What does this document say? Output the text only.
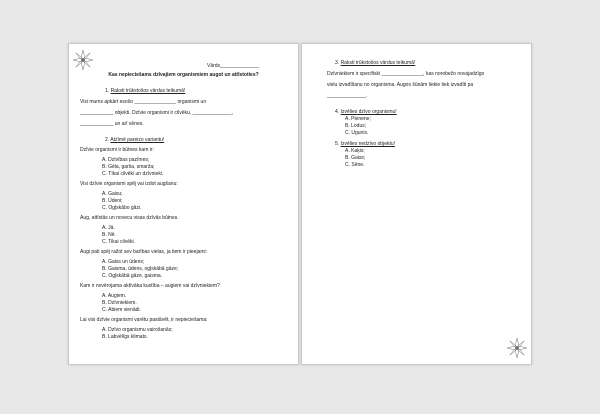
Vārds______________
Kas nepieciešams dzīvajiem organismiem augot un attīstoties?
1. Raksti trūkstošos vārdus teikumā!
Visi mums apkārt esošo _______________ organismi un
____________ objekti. Dzīvie organismi ir cilvēku, ______________,
____________ un arī sēnes.
2. Atzīmē pareizo variantu!
Dzīvie organismi ir būtnes kam ir:
A. Dzīvības pazīmes;
B. Gēla, garša, smarža;
C. Tīkai cilvēki un dzīvnieki.
Visi dzīvie organismi spēj vai izdot augšanu:
A. Gaisu;
B. Ūdeni;
C. Ogļskābo gāzi.
Aug, attīstās un novecu visas dzīvās būtnes.
A. Jā.
B. Nē.
C. Tikai cilvēki.
Augi pati spēj ražot sev barības vielas, ja tiem ir pieejami:
A. Gaiss un ūdens;
B. Gaisma, ūdens, ogļskābā gāze;
C. Ogļskābā gāze, gaisma.
Kam ir novērojama aktīvāka kustība – augiem vai dzīvniekiem?
A. Augiem.
B. Dzīvniekiem.
C. Abiem vienādi.
Lai visi dzīvie organismi varētu pastāvēt, ir nepieciešama:
A. Dzīvo organismu vairošanās;
B. Labvēlīgs klimats.
3. Raksti trūkstošos vārdus teikumā!
Dzīvniekiem ir specifiski _______________, kas norobežo novajadzīgo
vielu izvadīšanu no organisma. Augos šūnām liekie tiek izvadīti pa
______________.
4. Izvēlies dzīvo organismu!
A. Pienene;
B. Lodus;
C. Ugunis.
5. Izvēlies nedzīvo objektu!
A. Kaķis;
B. Gaiss;
C. Sēne.
